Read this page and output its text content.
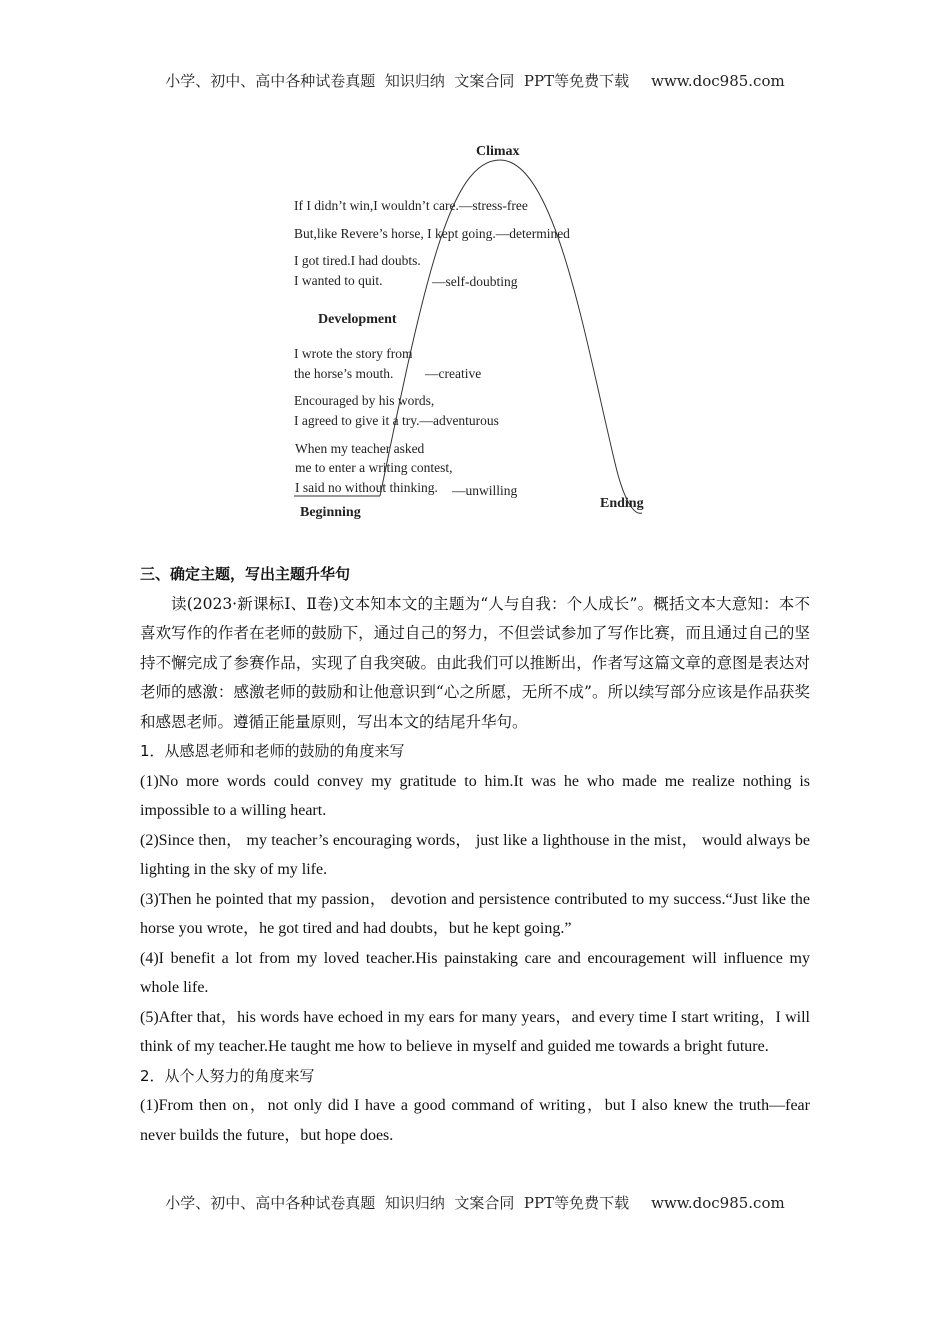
小学、初中、高中各种试卷真题  知识归纳  文案合同  PPT等免费下载 www.doc985.com
Climax
If I didn’t win,I wouldn’t care.—stress-free
But,like Revere’s horse, I kept going.—determined
I got tired.I had doubts.
I wanted to quit.	—self-doubting
Development
I wrote the story from
the horse’s mouth. —creative
Encouraged by his words,
I agreed to give it a try.—adventurous
When my teacher asked
me to enter a writing contest,
I said no without thinking. —unwilling
Beginning
Ending

三、确定主题，写出主题升华句

读(2023·新课标Ⅰ、Ⅱ卷)文本知本文的主题为“人与自我：个人成长”。概括文本大意知：本不喜欢写作的作者在老师的鼓励下，通过自己的努力，不但尝试参加了写作比赛，而且通过自己的坚持不懈完成了参赛作品，实现了自我突破。由此我们可以推断出，作者写这篇文章的意图是表达对老师的感激：感激老师的鼓励和让他意识到“心之所愿，无所不成”。所以续写部分应该是作品获奖和感恩老师。遵循正能量原则，写出本文的结尾升华句。

1．从感恩老师和老师的鼓励的角度来写

(1)No more words could convey my gratitude to him.It was he who made me realize nothing is impossible to a willing heart.

(2)Since then， my teacher’s encouraging words， just like a lighthouse in the mist， would always be lighting in the sky of my life.

(3)Then he pointed that my passion， devotion and persistence contributed to my success.“Just like the horse you wrote，he got tired and had doubts，but he kept going.”

(4)I benefit a lot from my loved teacher.His painstaking care and encouragement will influence my whole life.

(5)After that，his words have echoed in my ears for many years，and every time I start writing，I will think of my teacher.He taught me how to believe in myself and guided me towards a bright future.

2．从个人努力的角度来写

(1)From then on，not only did I have a good command of writing，but I also knew the truth—fear never builds the future，but hope does.

小学、初中、高中各种试卷真题  知识归纳  文案合同  PPT等免费下载 www.doc985.com
